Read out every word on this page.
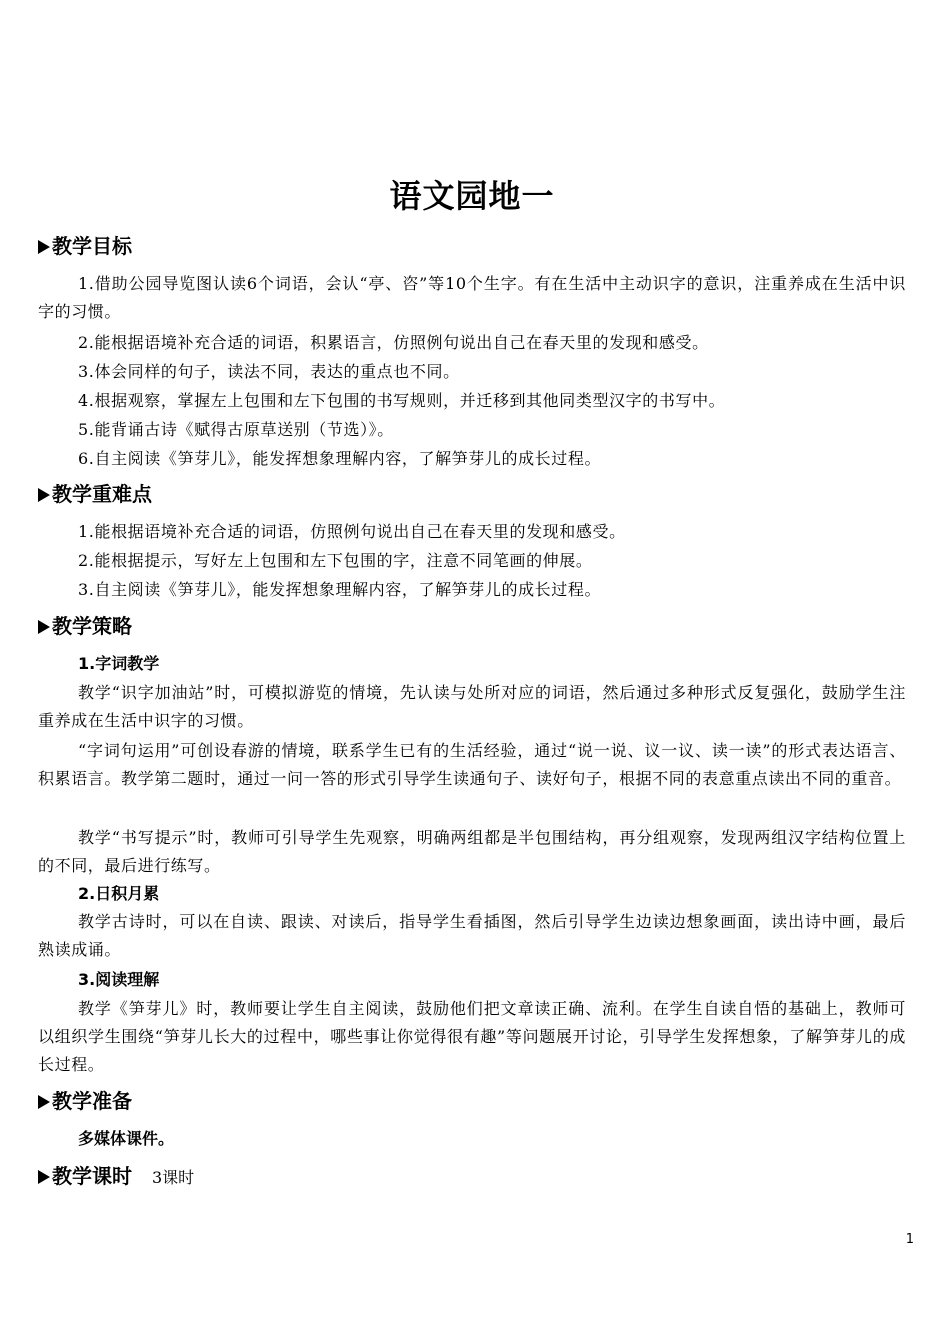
语文园地一
教学目标
1.借助公园导览图认读6个词语，会认“亭、咨”等10个生字。有在生活中主动识字的意识，注重养成在生活中识字的习惯。
2.能根据语境补充合适的词语，积累语言，仿照例句说出自己在春天里的发现和感受。
3.体会同样的句子，读法不同，表达的重点也不同。
4.根据观察，掌握左上包围和左下包围的书写规则，并迁移到其他同类型汉字的书写中。
5.能背诵古诗《赋得古原草送别（节选）》。
6.自主阅读《笋芽儿》，能发挥想象理解内容，了解笋芽儿的成长过程。
教学重难点
1.能根据语境补充合适的词语，仿照例句说出自己在春天里的发现和感受。
2.能根据提示，写好左上包围和左下包围的字，注意不同笔画的伸展。
3.自主阅读《笋芽儿》，能发挥想象理解内容，了解笋芽儿的成长过程。
教学策略
1.字词教学
教学“识字加油站”时，可模拟游览的情境，先认读与处所对应的词语，然后通过多种形式反复强化，鼓励学生注重养成在生活中识字的习惯。
“字词句运用”可创设春游的情境，联系学生已有的生活经验，通过“说一说、议一议、读一读”的形式表达语言、积累语言。教学第二题时，通过一问一答的形式引导学生读通句子、读好句子，根据不同的表意重点读出不同的重音。
教学“书写提示”时，教师可引导学生先观察，明确两组都是半包围结构，再分组观察，发现两组汉字结构位置上的不同，最后进行练写。
2.日积月累
教学古诗时，可以在自读、跟读、对读后，指导学生看插图，然后引导学生边读边想象画面，读出诗中画，最后熟读成诵。
3.阅读理解
教学《笋芽儿》时，教师要让学生自主阅读，鼓励他们把文章读正确、流利。在学生自读自悟的基础上，教师可以组织学生围绕“笋芽儿长大的过程中，哪些事让你觉得很有趣”等问题展开讨论，引导学生发挥想象，了解笋芽儿的成长过程。
教学准备
多媒体课件。
教学课时 3课时
1
